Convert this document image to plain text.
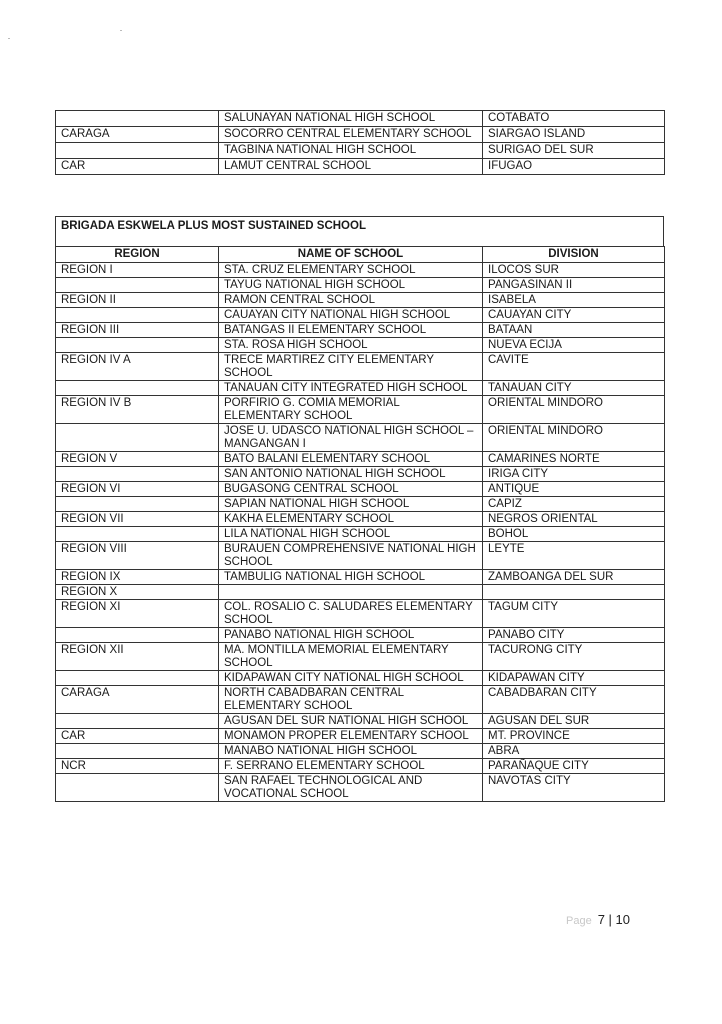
	SALUNAYAN NATIONAL HIGH SCHOOL	COTABATO
CARAGA	SOCORRO CENTRAL ELEMENTARY SCHOOL	SIARGAO ISLAND
	TAGBINA NATIONAL HIGH SCHOOL	SURIGAO DEL SUR
CAR	LAMUT CENTRAL SCHOOL	IFUGAO
BRIGADA ESKWELA PLUS MOST SUSTAINED SCHOOL
REGION	NAME OF SCHOOL	DIVISION
REGION I	STA. CRUZ ELEMENTARY SCHOOL	ILOCOS SUR
	TAYUG NATIONAL HIGH SCHOOL	PANGASINAN II
REGION II	RAMON CENTRAL SCHOOL	ISABELA
	CAUAYAN CITY NATIONAL HIGH SCHOOL	CAUAYAN CITY
REGION III	BATANGAS II ELEMENTARY SCHOOL	BATAAN
	STA. ROSA HIGH SCHOOL	NUEVA ECIJA
REGION IV A	TRECE MARTIREZ CITY ELEMENTARY SCHOOL	CAVITE
	TANAUAN CITY INTEGRATED HIGH SCHOOL	TANAUAN CITY
REGION IV B	PORFIRIO G. COMIA MEMORIAL ELEMENTARY SCHOOL	ORIENTAL MINDORO
	JOSE U. UDASCO NATIONAL HIGH SCHOOL – MANGANGAN I	ORIENTAL MINDORO
REGION V	BATO BALANI ELEMENTARY SCHOOL	CAMARINES NORTE
	SAN ANTONIO NATIONAL HIGH SCHOOL	IRIGA CITY
REGION VI	BUGASONG CENTRAL SCHOOL	ANTIQUE
	SAPIAN NATIONAL HIGH SCHOOL	CAPIZ
REGION VII	KAKHA ELEMENTARY SCHOOL	NEGROS ORIENTAL
	LILA NATIONAL HIGH SCHOOL	BOHOL
REGION VIII	BURAUEN COMPREHENSIVE NATIONAL HIGH SCHOOL	LEYTE
REGION IX	TAMBULIG NATIONAL HIGH SCHOOL	ZAMBOANGA DEL SUR
REGION X		
REGION XI	COL. ROSALIO C. SALUDARES ELEMENTARY SCHOOL	TAGUM CITY
	PANABO NATIONAL HIGH SCHOOL	PANABO CITY
REGION XII	MA. MONTILLA MEMORIAL ELEMENTARY SCHOOL	TACURONG CITY
	KIDAPAWAN CITY NATIONAL HIGH SCHOOL	KIDAPAWAN CITY
CARAGA	NORTH CABADBARAN CENTRAL ELEMENTARY SCHOOL	CABADBARAN CITY
	AGUSAN DEL SUR NATIONAL HIGH SCHOOL	AGUSAN DEL SUR
CAR	MONAMON PROPER ELEMENTARY SCHOOL	MT. PROVINCE
	MANABO NATIONAL HIGH SCHOOL	ABRA
NCR	F. SERRANO ELEMENTARY SCHOOL	PARAÑAQUE CITY
	SAN RAFAEL TECHNOLOGICAL AND VOCATIONAL SCHOOL	NAVOTAS CITY
Page 7 | 10
